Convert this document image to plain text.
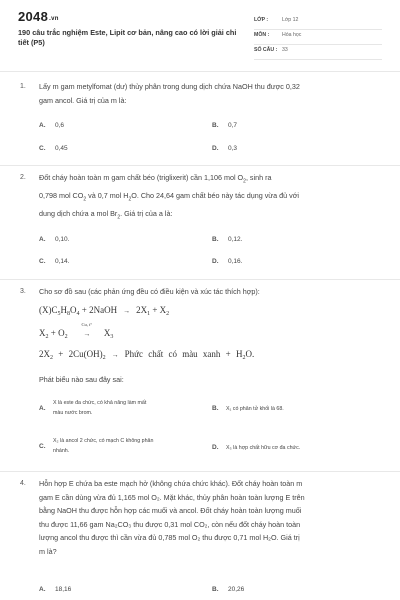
2048.vn
190 câu trắc nghiệm Este, Lipit cơ bản, nâng cao có lời giải chi tiết (P5)
LỚP :	Lớp 12
MÔN : Hóa học
SỐ CÂU : 33
1. Lấy m gam metylfomat (dư) thủy phân trong dung dịch chứa NaOH thu được 0,32
gam ancol. Giá trị của m là:
A. 0,6	B. 0,7
C. 0,45	D. 0,3
2. Đốt cháy hoàn toàn m gam chất béo (triglixerit) cần 1,106 mol $O_2$, sinh ra
0,798 mol $CO_2$ và 0,7 mol $H_2O$. Cho 24,64 gam chất béo này tác dụng vừa đủ với
dung dịch chứa a mol $Br_2$. Giá trị của a là:
A. 0,10.	B. 0,12.
C. 0,14.	D. 0,16.
3. Cho sơ đồ sau (các phản ứng đều có điều kiện và xúc tác thích hợp):
$(X)C_5H_8O_4$ + 2NaOH → $2X_1 + X_2$
$X_2 + O_2$
Cu, t°
→ $X_3$
$2X_2 + 2Cu(OH)_2$ → Phức chất có màu xanh + $H_2O$.
Phát biểu nào sau đây sai:
A.
X là este đa chức, có khả năng làm mất
màu nước brom.
B. X₁ có phân tử khối là 68.
C.
X₂ là ancol 2 chức, có mạch C không phân
nhánh.	D. X₃ là hợp chất hữu cơ đa chức.
4. Hỗn hợp E chứa ba este mạch hở (không chứa chức khác). Đốt cháy hoàn toàn m
gam E cần dùng vừa đủ 1,165 mol O₂. Mặt khác, thủy phân hoàn toàn lượng E trên
bằng NaOH thu được hỗn hợp các muối và ancol. Đốt cháy hoàn toàn lượng muối
thu được 11,66 gam Na₂CO₃ thu được 0,31 mol CO₂, còn nếu đốt cháy hoàn toàn
lượng ancol thu được thì cần vừa đủ 0,785 mol O₂ thu được 0,71 mol H₂O. Giá trị
m là?
A. 18,16	B. 20,26
